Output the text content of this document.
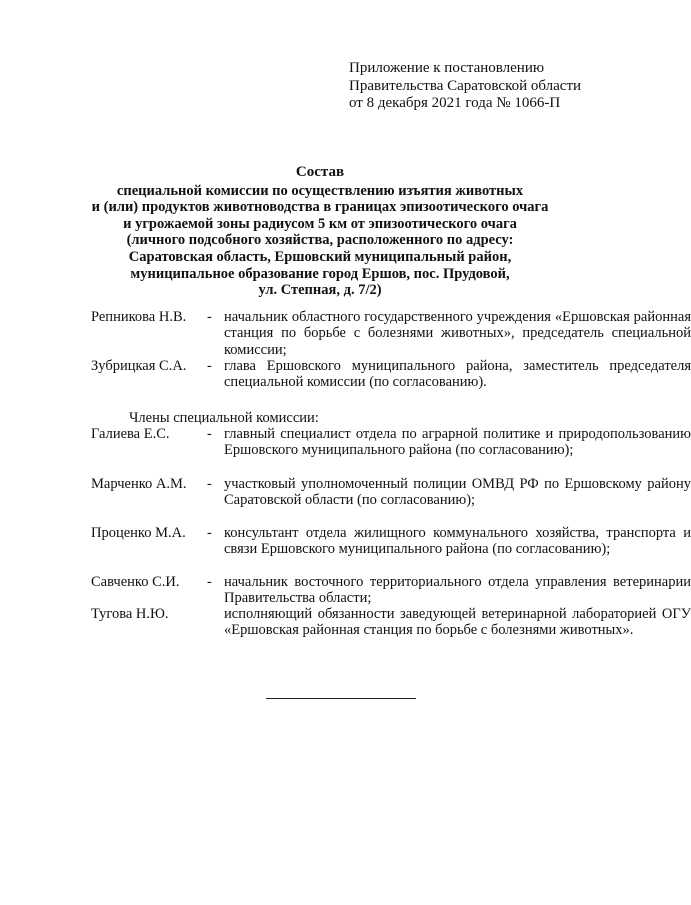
Приложение к постановлению
Правительства Саратовской области
от 8 декабря 2021 года № 1066-П
Состав
специальной комиссии по осуществлению изъятия животных
и (или) продуктов животноводства в границах эпизоотического очага
и угрожаемой зоны радиусом 5 км от эпизоотического очага
(личного подсобного хозяйства, расположенного по адресу:
Саратовская область, Ершовский муниципальный район,
муниципальное образование город Ершов, пос. Прудовой,
ул. Степная, д. 7/2)
Репникова Н.В. - начальник областного государственного учреждения «Ершовская районная станция по борьбе с болезнями животных», председатель специальной комиссии;
Зубрицкая С.А. - глава Ершовского муниципального района, заместитель председателя специальной комиссии (по согласованию).
Члены специальной комиссии:
Галиева Е.С.	- главный специалист отдела по аграрной политике и природопользованию Ершовского муниципального района (по согласованию);
Марченко А.М. - участковый уполномоченный полиции ОМВД РФ по Ершовскому району Саратовской области (по согласованию);
Проценко М.А. - консультант отдела жилищного коммунального хозяйства, транспорта и связи Ершовского муниципального района (по согласованию);
Савченко С.И. - начальник восточного территориального отдела управления ветеринарии Правительства области;
Тугова Н.Ю.	исполняющий обязанности заведующей ветеринарной лабораторией ОГУ «Ершовская районная станция по борьбе с болезнями животных».
